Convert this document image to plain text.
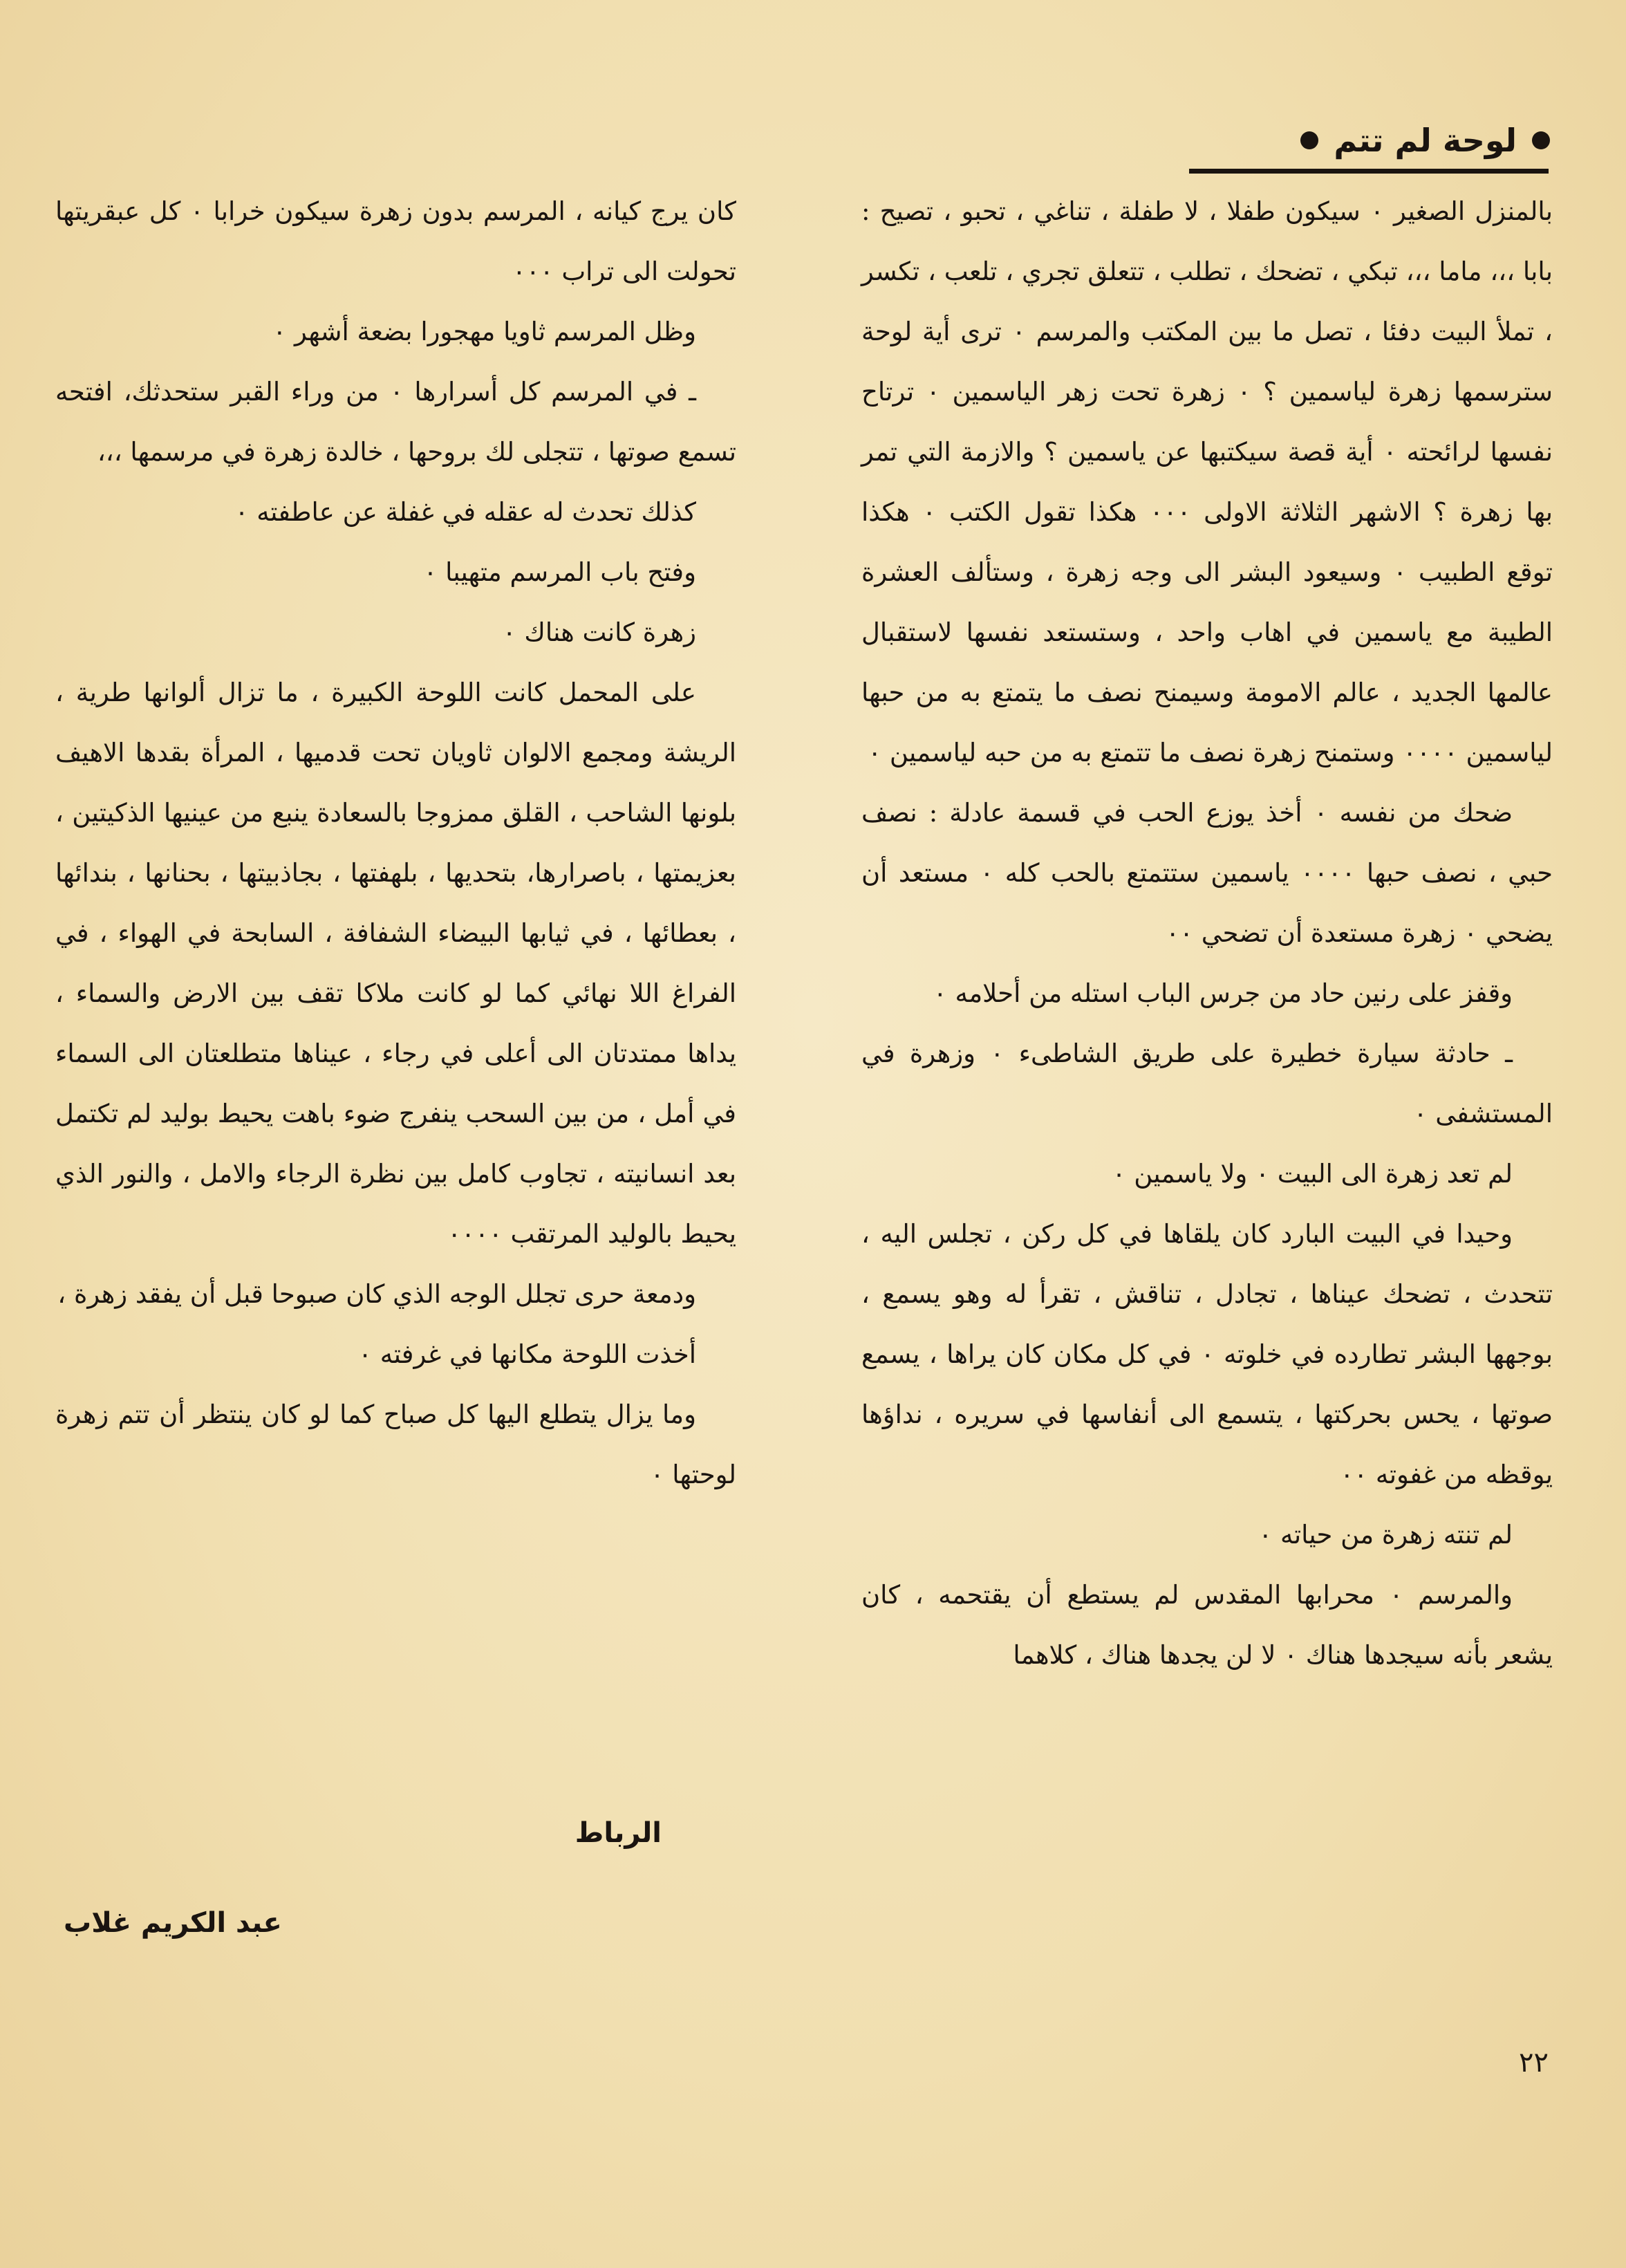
لوحة لم تتم

بالمنزل الصغير ٠ سيكون طفلا ، لا طفلة ، تناغي ، تحبو ، تصيح : بابا ،،، ماما ،،، تبكي ، تضحك ، تطلب ، تتعلق تجري ، تلعب ، تكسر ، تملأ البيت دفئا ، تصل ما بين المكتب والمرسم ٠ ترى أية لوحة سترسمها زهرة لياسمين ؟ ٠ زهرة تحت زهر الياسمين ٠ ترتاح نفسها لرائحته ٠ أية قصة سيكتبها عن ياسمين ؟ والازمة التي تمر بها زهرة ؟ الاشهر الثلاثة الاولى ٠٠٠ هكذا تقول الكتب ٠ هكذا توقع الطبيب ٠ وسيعود البشر الى وجه زهرة ، وستألف العشرة الطيبة مع ياسمين في اهاب واحد ، وستستعد نفسها لاستقبال عالمها الجديد ، عالم الامومة وسيمنح نصف ما يتمتع به من حبها لياسمين ٠٠٠٠ وستمنح زهرة نصف ما تتمتع به من حبه لياسمين ٠

ضحك من نفسه ٠ أخذ يوزع الحب في قسمة عادلة : نصف حبي ، نصف حبها ٠٠٠٠ ياسمين ستتمتع بالحب كله ٠ مستعد أن يضحي ٠ زهرة مستعدة أن تضحي ٠٠

وقفز على رنين حاد من جرس الباب استله من أحلامه ٠

ـ حادثة سيارة خطيرة على طريق الشاطىء ٠ وزهرة في المستشفى ٠

لم تعد زهرة الى البيت ٠ ولا ياسمين ٠

وحيدا في البيت البارد كان يلقاها في كل ركن ، تجلس اليه ، تتحدث ، تضحك عيناها ، تجادل ، تناقش ، تقرأ له وهو يسمع ، بوجهها البشر تطارده في خلوته ٠ في كل مكان كان يراها ، يسمع صوتها ، يحس بحركتها ، يتسمع الى أنفاسها في سريره ، نداؤها يوقظه من غفوته ٠٠

لم تنته زهرة من حياته ٠

والمرسم ٠ محرابها المقدس لم يستطع أن يقتحمه ، كان يشعر بأنه سيجدها هناك ٠ لا لن يجدها هناك ، كلاهما

كان يرج كيانه ، المرسم بدون زهرة سيكون خرابا ٠ كل عبقريتها تحولت الى تراب ٠٠٠

وظل المرسم ثاويا مهجورا بضعة أشهر ٠

ـ في المرسم كل أسرارها ٠ من وراء القبر ستحدثك، افتحه تسمع صوتها ، تتجلى لك بروحها ، خالدة زهرة في مرسمها ،،،

كذلك تحدث له عقله في غفلة عن عاطفته ٠

وفتح باب المرسم متهيبا ٠

زهرة كانت هناك ٠

على المحمل كانت اللوحة الكبيرة ، ما تزال ألوانها طرية ، الريشة ومجمع الالوان ثاويان تحت قدميها ، المرأة بقدها الاهيف بلونها الشاحب ، القلق ممزوجا بالسعادة ينبع من عينيها الذكيتين ، بعزيمتها ، باصرارها، بتحديها ، بلهفتها ، بجاذبيتها ، بحنانها ، بندائها ، بعطائها ، في ثيابها البيضاء الشفافة ، السابحة في الهواء ، في الفراغ اللا نهائي كما لو كانت ملاكا تقف بين الارض والسماء ، يداها ممتدتان الى أعلى في رجاء ، عيناها متطلعتان الى السماء في أمل ، من بين السحب ينفرج ضوء باهت يحيط بوليد لم تكتمل بعد انسانيته ، تجاوب كامل بين نظرة الرجاء والامل ، والنور الذي يحيط بالوليد المرتقب ٠٠٠٠

ودمعة حرى تجلل الوجه الذي كان صبوحا قبل أن يفقد زهرة ،

أخذت اللوحة مكانها في غرفته ٠

وما يزال يتطلع اليها كل صباح كما لو كان ينتظر أن تتم زهرة لوحتها ٠

الرباط
عبد الكريم غلاب
٢٢
